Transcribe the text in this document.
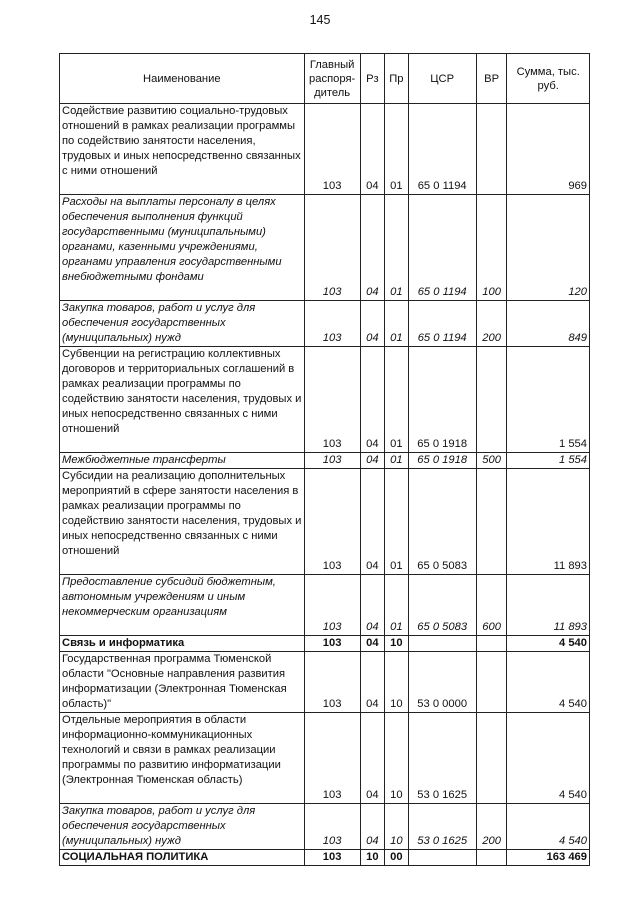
145
Наименование	Главный распоря-дитель	Рз	Пр	ЦСР	ВР	Сумма, тыс. руб.
Содействие развитию социально-трудовых отношений в рамках реализации программы по содействию занятости населения, трудовых и иных непосредственно связанных с ними отношений	103	04	01	65 0 1194		969
Расходы на выплаты персоналу в целях обеспечения выполнения функций государственными (муниципальными) органами, казенными учреждениями, органами управления государственными внебюджетными фондами	103	04	01	65 0 1194	100	120
Закупка товаров, работ и услуг для обеспечения государственных (муниципальных) нужд	103	04	01	65 0 1194	200	849
Субвенции на регистрацию коллективных договоров и территориальных соглашений в рамках реализации программы по содействию занятости населения, трудовых и иных непосредственно связанных с ними отношений	103	04	01	65 0 1918		1 554
Межбюджетные трансферты	103	04	01	65 0 1918	500	1 554
Субсидии на реализацию дополнительных мероприятий в сфере занятости населения в рамках реализации программы по содействию занятости населения, трудовых и иных непосредственно связанных с ними отношений	103	04	01	65 0 5083		11 893
Предоставление субсидий бюджетным, автономным учреждениям и иным некоммерческим организациям	103	04	01	65 0 5083	600	11 893
Связь и информатика	103	04	10			4 540
Государственная программа Тюменской области "Основные направления развития информатизации (Электронная Тюменская область)"	103	04	10	53 0 0000		4 540
Отдельные мероприятия в области информационно-коммуникационных технологий и связи в рамках реализации программы по развитию информатизации (Электронная Тюменская область)	103	04	10	53 0 1625		4 540
Закупка товаров, работ и услуг для обеспечения государственных (муниципальных) нужд	103	04	10	53 0 1625	200	4 540
СОЦИАЛЬНАЯ ПОЛИТИКА	103	10	00			163 469
